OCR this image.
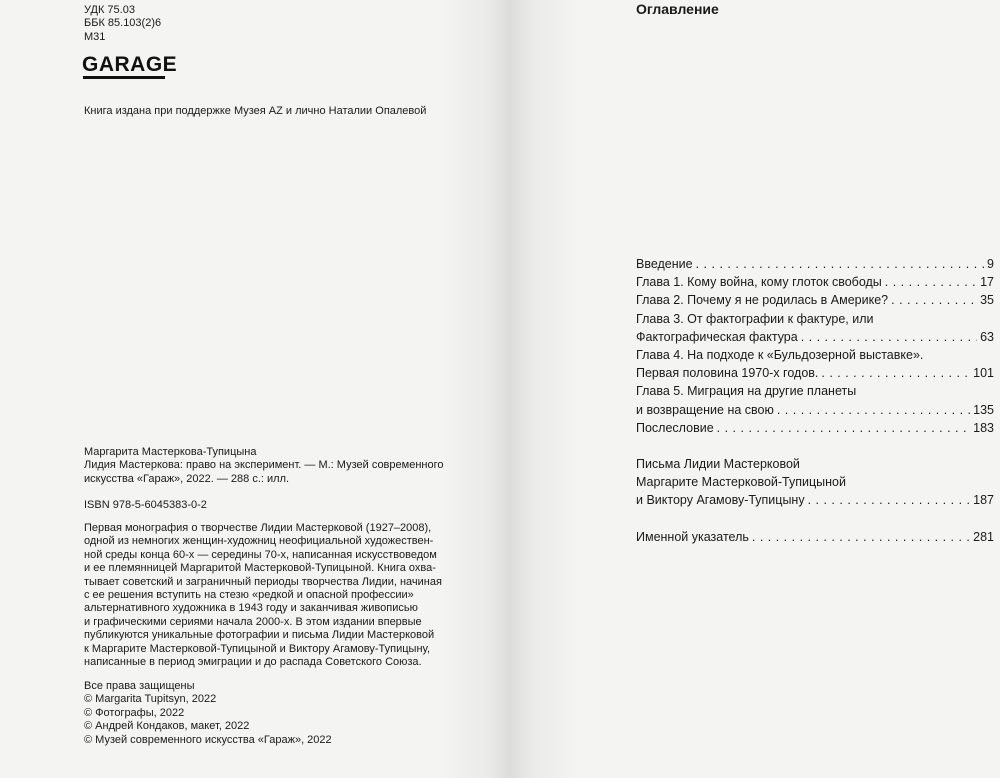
УДК 75.03
ББК 85.103(2)6
М31
GARAGE
Книга издана при поддержке Музея AZ и лично Наталии Опалевой
Маргарита Мастеркова-Тупицына
Лидия Мастеркова: право на эксперимент. — М.: Музей современного
искусства «Гараж», 2022. — 288 с.: илл.
ISBN 978-5-6045383-0-2
Первая монография о творчестве Лидии Мастерковой (1927–2008),
одной из немногих женщин-художниц неофициальной художествен-
ной среды конца 60-х — середины 70-х, написанная искусствоведом
и ее племянницей Маргаритой Мастерковой-Тупицыной. Книга охва-
тывает советский и заграничный периоды творчества Лидии, начиная
с ее решения вступить на стезю «редкой и опасной профессии»
альтернативного художника в 1943 году и заканчивая живописью
и графическими сериями начала 2000-х. В этом издании впервые
публикуются уникальные фотографии и письма Лидии Мастерковой
к Маргарите Мастерковой-Тупицыной и Виктору Агамову-Тупицыну,
написанные в период эмиграции и до распада Советского Союза.
Все права защищены
© Margarita Tupitsyn, 2022
© Фотографы, 2022
© Андрей Кондаков, макет, 2022
© Музей современного искусства «Гараж», 2022
Оглавление
Введение . . .	9
Глава 1. Кому война, кому глоток свободы . . .	17
Глава 2. Почему я не родилась в Америке? . . .	35
Глава 3. От фактографии к фактуре, или
Фактографическая фактура . . .	63
Глава 4. На подходе к «Бульдозерной выставке».
Первая половина 1970-х годов. . . .	101
Глава 5. Миграция на другие планеты
и возвращение на свою . . .	135
Послесловие . . .	183
Письма Лидии Мастерковой
Маргарите Мастерковой-Тупицыной
и Виктору Агамову-Тупицыну . . .	187
Именной указатель . . .	281
